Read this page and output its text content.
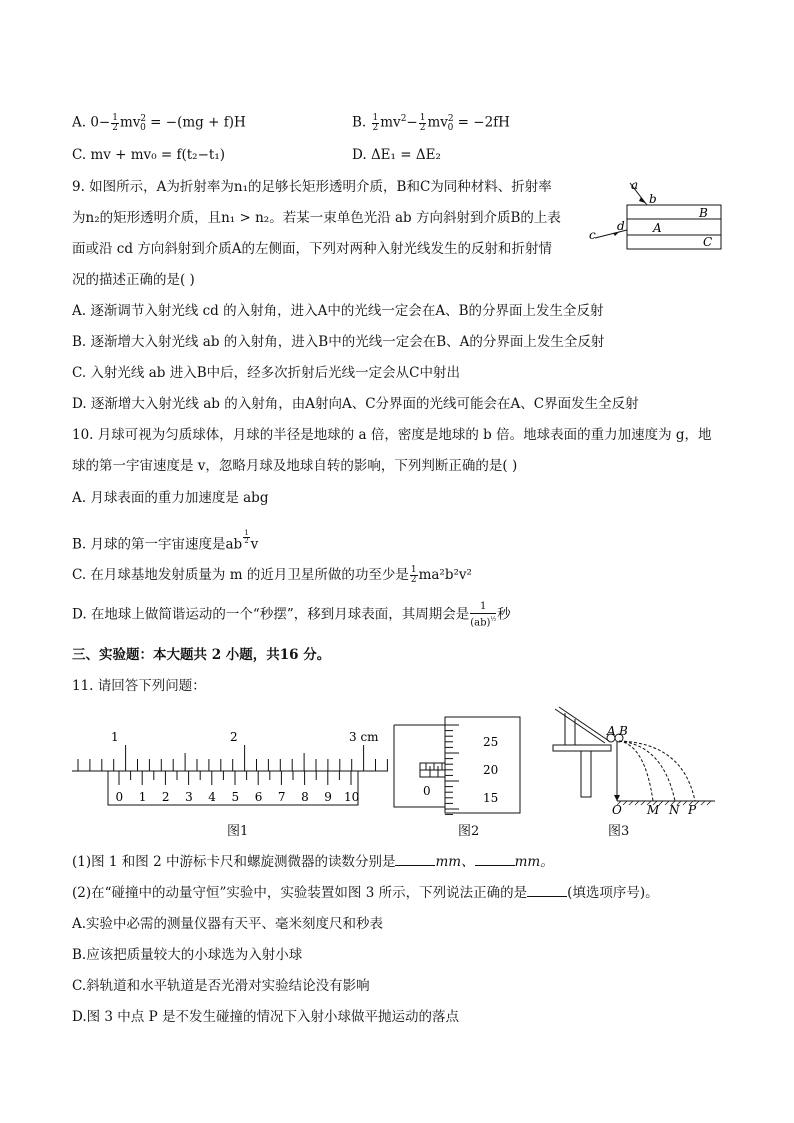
A. $0- \frac{1}{2} mv^2_0 = -(mg + f)H$	B. $\frac{1}{2} mv^2- \frac{1}{2} mv^2_0 = -2fH$
C. mv + mv₀ = f(t₂−t₁)	D. ΔE₁ = ΔE₂
9. 如图所示，A为折射率为n₁的足够长矩形透明介质，B和C为同种材料、折射率
为n₂的矩形透明介质，且n₁ > n₂。若某一束单色光沿 ab 方向斜射到介质B的上表
面或沿 cd 方向斜射到介质A的左侧面，下列对两种入射光线发生的反射和折射情
况的描述正确的是( )
a
b
c
d A
B
C
A. 逐渐调节入射光线 cd 的入射角，进入A中的光线一定会在A、B的分界面上发生全反射
B. 逐渐增大入射光线 ab 的入射角，进入B中的光线一定会在B、A的分界面上发生全反射
C. 入射光线 ab 进入B中后，经多次折射后光线一定会从C中射出
D. 逐渐增大入射光线 ab 的入射角，由A射向A、C分界面的光线可能会在A、C界面发生全反射
10. 月球可视为匀质球体，月球的半径是地球的 a 倍，密度是地球的 b 倍。地球表面的重力加速度为 g，地
球的第一宇宙速度是 v，忽略月球及地球自转的影响，下列判断正确的是( )
A. 月球表面的重力加速度是 abg
B. 月球的第一宇宙速度是ab $^{\frac{1}{2}}$ v
C. 在月球基地发射质量为 m 的近月卫星所做的功至少是 $\frac{1}{2} ma^2b^2v^2$
D. 在地球上做简谐运动的一个“秒摆”，移到月球表面，其周期会是 $\frac{1}{(ab)^{\frac{1}{2}}}$ 秒
三、实验题：本大题共 2 小题，共16 分。
11. 请回答下列问题：
1	2	3 cm
0 1 2 3 4 5 6 7 8 9 10
图1
0
25
20
15
图2
A B
O M N P
图3
(1)图 1 和图 2 中游标卡尺和螺旋测微器的读数分别是	mm、	mm。
(2)在“碰撞中的动量守恒”实验中，实验装置如图 3 所示，下列说法正确的是	(填选项序号)。
A.实验中必需的测量仪器有天平、毫米刻度尺和秒表
B.应该把质量较大的小球选为入射小球
C.斜轨道和水平轨道是否光滑对实验结论没有影响
D.图 3 中点 P 是不发生碰撞的情况下入射小球做平抛运动的落点
